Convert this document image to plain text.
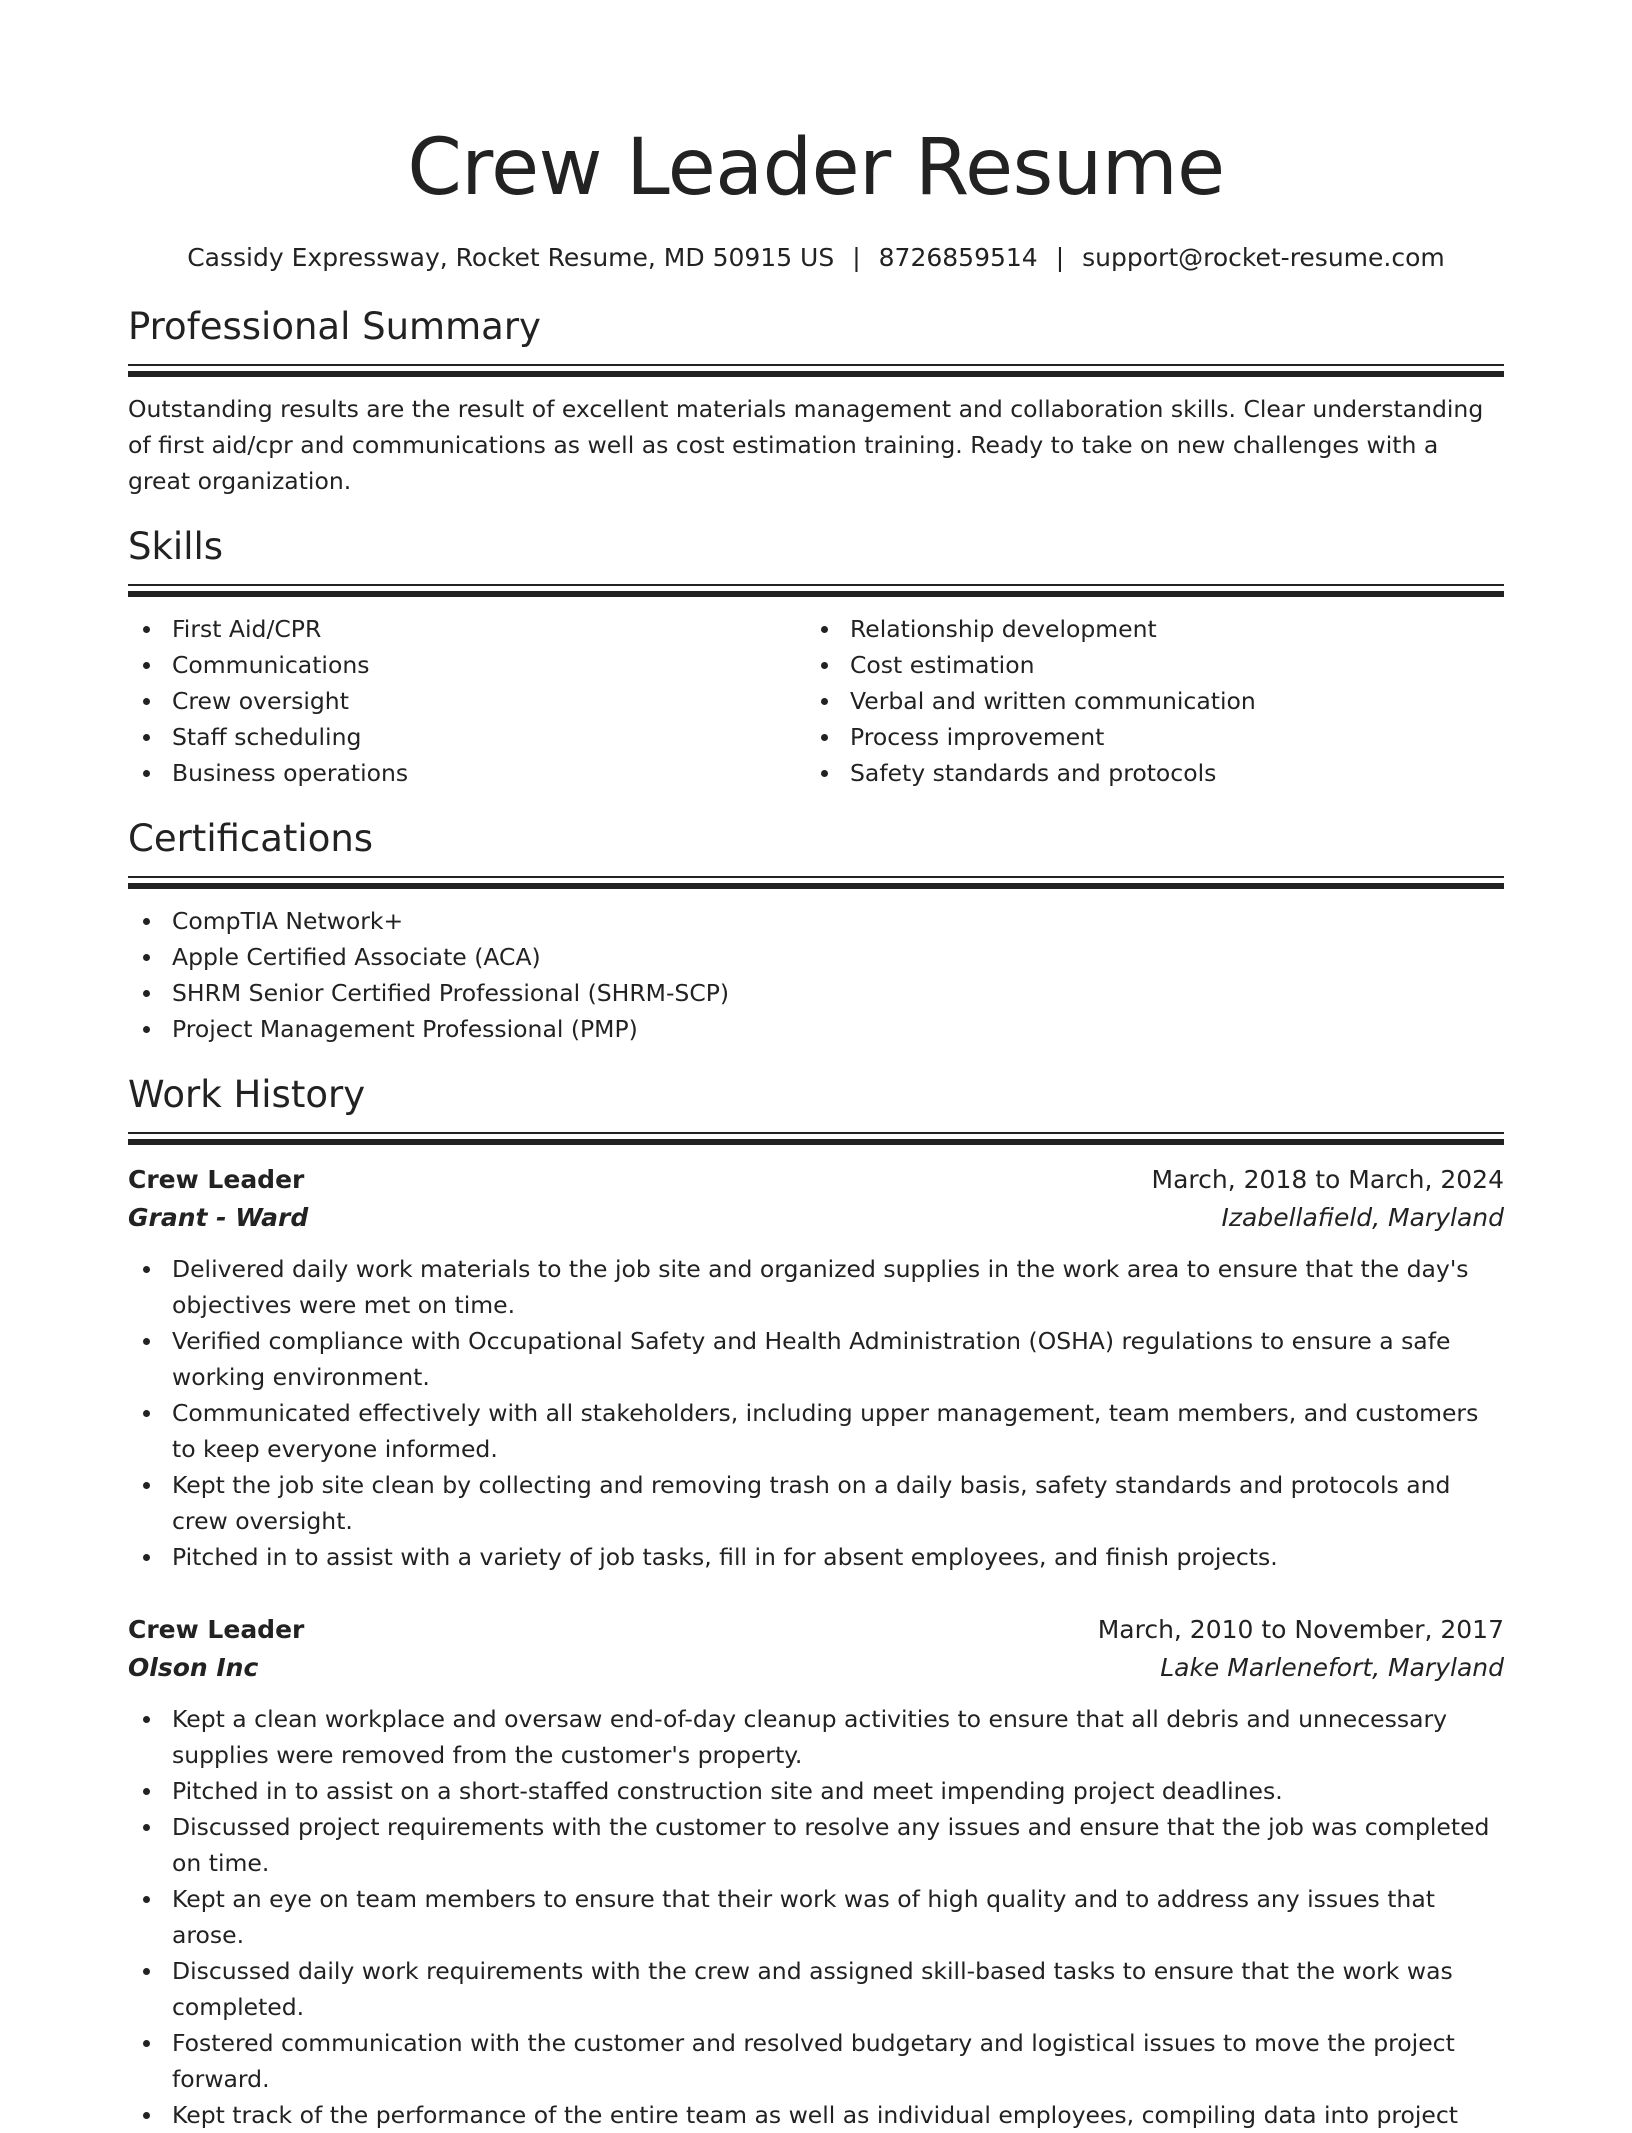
Crew Leader Resume
Cassidy Expressway, Rocket Resume, MD 50915 US | 8726859514 | support@rocket-resume.com
Professional Summary

Outstanding results are the result of excellent materials management and collaboration skills. Clear understanding of first aid/cpr and communications as well as cost estimation training. Ready to take on new challenges with a great organization.

Skills
First Aid/CPR
Communications
Crew oversight
Staff scheduling
Business operations
Relationship development
Cost estimation
Verbal and written communication
Process improvement
Safety standards and protocols
Certifications
CompTIA Network+
Apple Certified Associate (ACA)
SHRM Senior Certified Professional (SHRM-SCP)
Project Management Professional (PMP)
Work History
Crew Leader	March, 2018 to March, 2024
Grant - Ward	Izabellafield, Maryland
Delivered daily work materials to the job site and organized supplies in the work area to ensure that the day's objectives were met on time.
Verified compliance with Occupational Safety and Health Administration (OSHA) regulations to ensure a safe working environment.
Communicated effectively with all stakeholders, including upper management, team members, and customers to keep everyone informed.
Kept the job site clean by collecting and removing trash on a daily basis, safety standards and protocols and crew oversight.
Pitched in to assist with a variety of job tasks, fill in for absent employees, and finish projects.
Crew Leader	March, 2010 to November, 2017
Olson Inc	Lake Marlenefort, Maryland
Kept a clean workplace and oversaw end-of-day cleanup activities to ensure that all debris and unnecessary supplies were removed from the customer's property.
Pitched in to assist on a short-staffed construction site and meet impending project deadlines.
Discussed project requirements with the customer to resolve any issues and ensure that the job was completed on time.
Kept an eye on team members to ensure that their work was of high quality and to address any issues that arose.
Discussed daily work requirements with the crew and assigned skill-based tasks to ensure that the work was completed.
Fostered communication with the customer and resolved budgetary and logistical issues to move the project forward.
Kept track of the performance of the entire team as well as individual employees, compiling data into project
